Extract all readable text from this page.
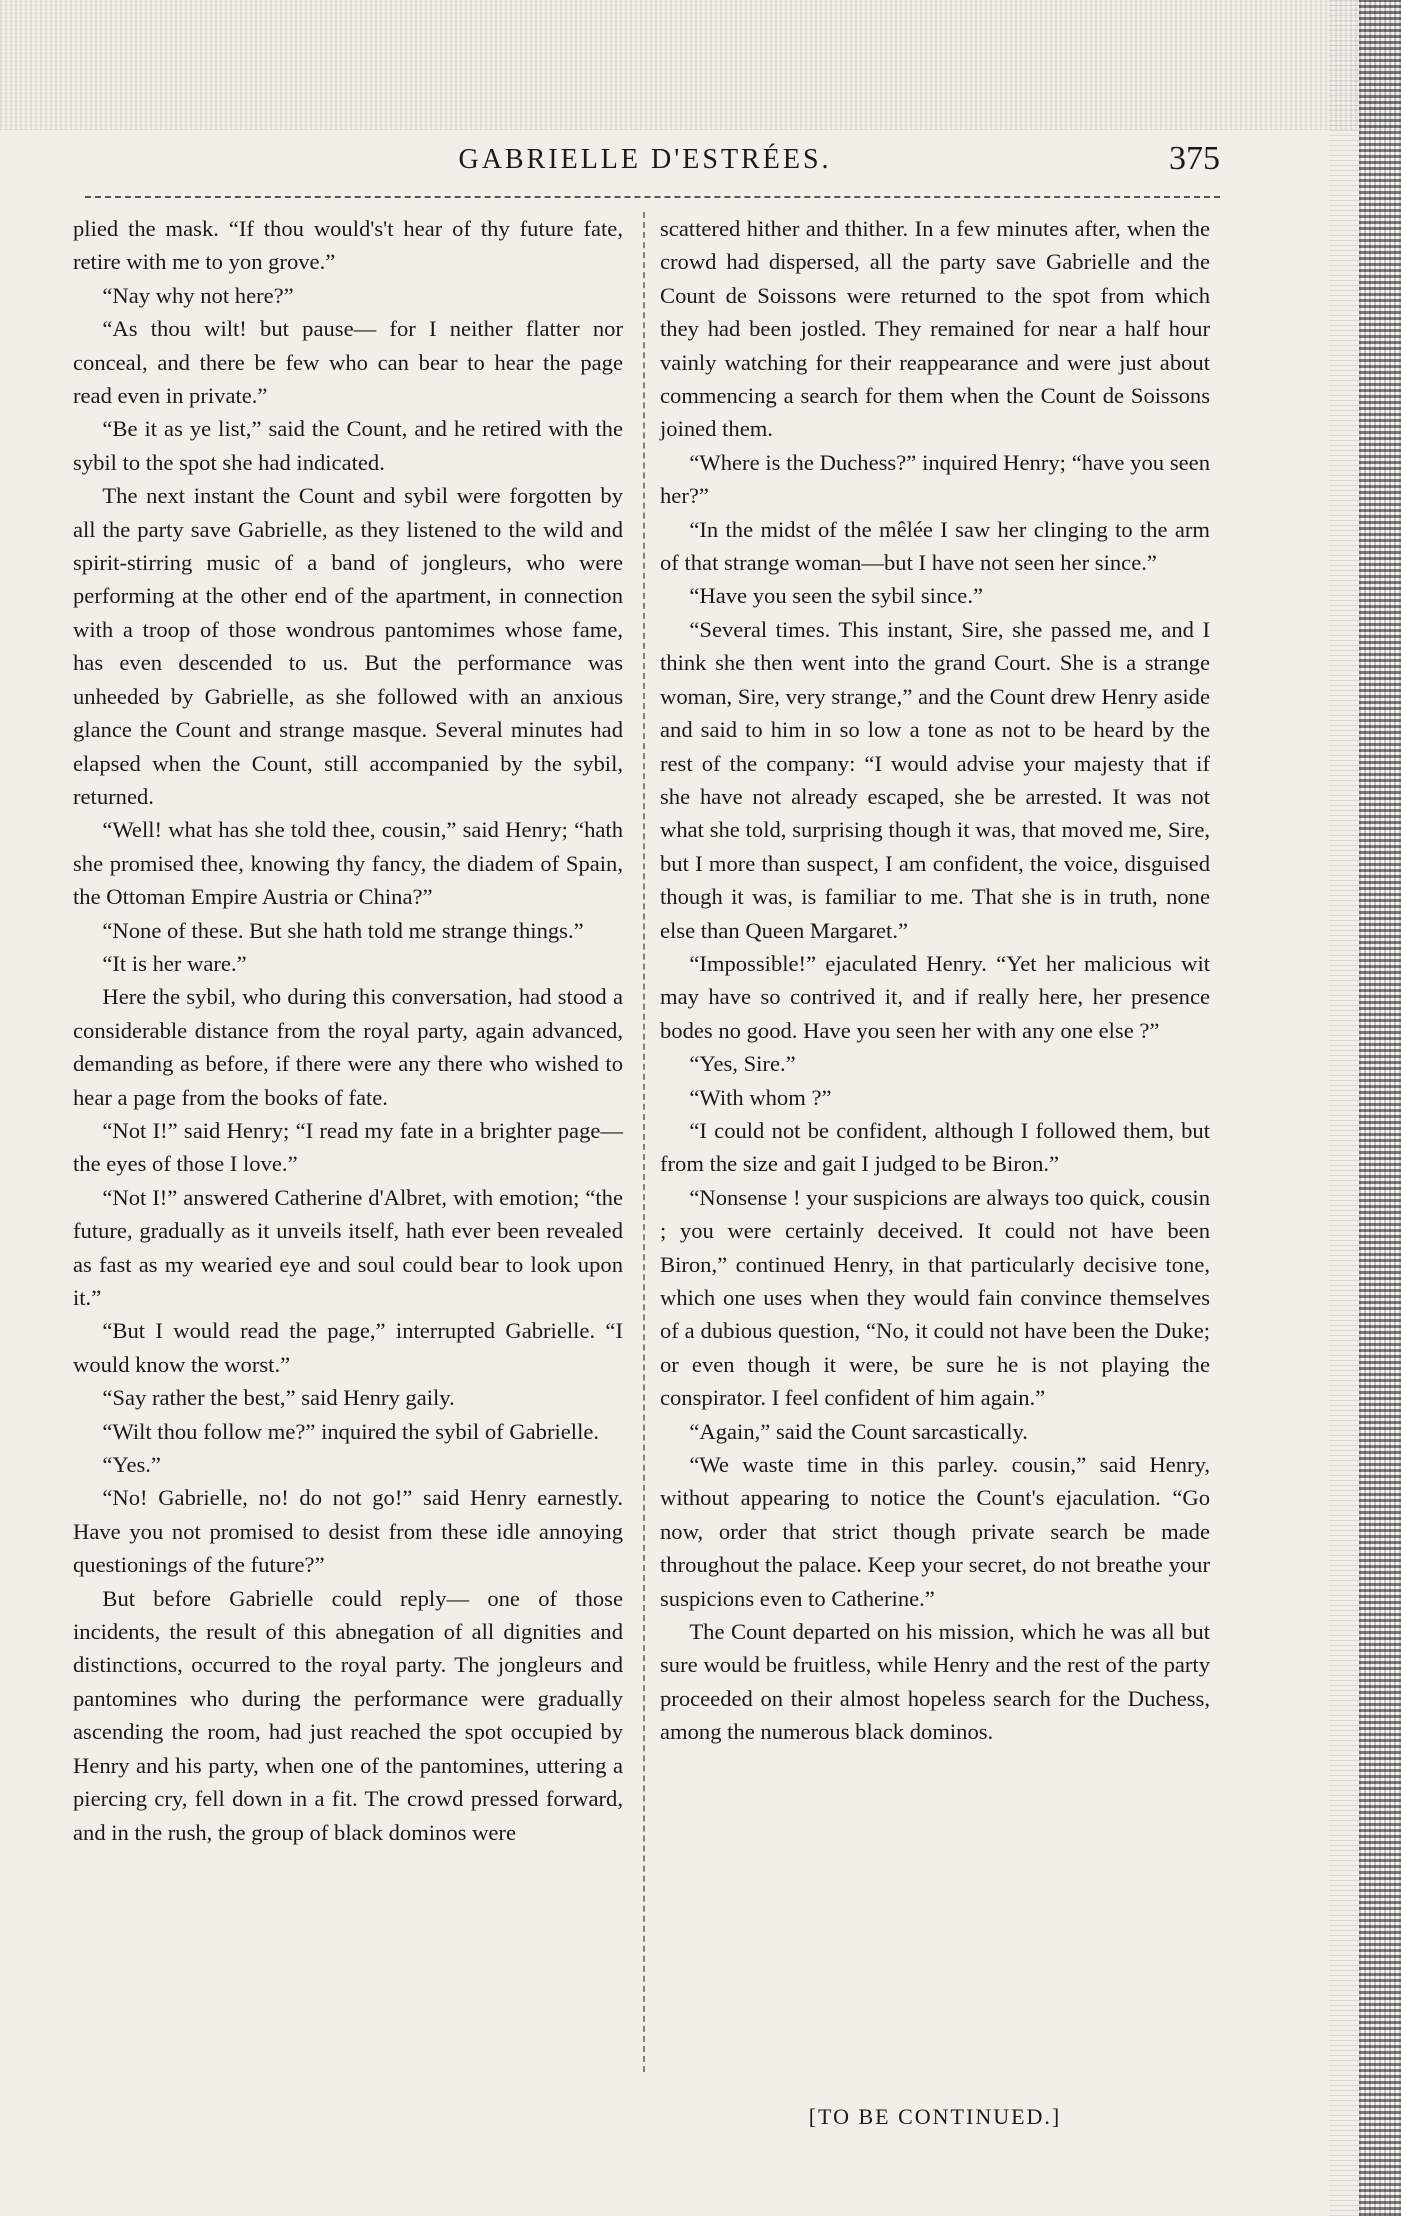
GABRIELLE D'ESTRÉES.	375

plied the mask. “If thou would's't hear of thy future fate, retire with me to yon grove.”

“Nay why not here?”

“As thou wilt! but pause— for I neither flatter nor conceal, and there be few who can bear to hear the page read even in private.”

“Be it as ye list,” said the Count, and he retired with the sybil to the spot she had indicated.

The next instant the Count and sybil were forgotten by all the party save Gabrielle, as they listened to the wild and spirit-stirring music of a band of jongleurs, who were performing at the other end of the apartment, in connection with a troop of those wondrous pantomimes whose fame, has even descended to us. But the performance was unheeded by Gabrielle, as she followed with an anxious glance the Count and strange masque. Several minutes had elapsed when the Count, still accompanied by the sybil, returned.

“Well! what has she told thee, cousin,” said Henry; “hath she promised thee, knowing thy fancy, the diadem of Spain, the Ottoman Empire Austria or China?”

“None of these. But she hath told me strange things.”

“It is her ware.”

Here the sybil, who during this conversation, had stood a considerable distance from the royal party, again advanced, demanding as before, if there were any there who wished to hear a page from the books of fate.

“Not I!” said Henry; “I read my fate in a brighter page— the eyes of those I love.”

“Not I!” answered Catherine d'Albret, with emotion; “the future, gradually as it unveils itself, hath ever been revealed as fast as my wearied eye and soul could bear to look upon it.”

“But I would read the page,” interrupted Gabrielle. “I would know the worst.”

“Say rather the best,” said Henry gaily.

“Wilt thou follow me?” inquired the sybil of Gabrielle.

“Yes.”

“No! Gabrielle, no! do not go!” said Henry earnestly. Have you not promised to desist from these idle annoying questionings of the future?”

But before Gabrielle could reply— one of those incidents, the result of this abnegation of all dignities and distinctions, occurred to the royal party. The jongleurs and pantomines who during the performance were gradually ascending the room, had just reached the spot occupied by Henry and his party, when one of the pantomines, uttering a piercing cry, fell down in a fit. The crowd pressed forward, and in the rush, the group of black dominos were

scattered hither and thither. In a few minutes after, when the crowd had dispersed, all the party save Gabrielle and the Count de Soissons were returned to the spot from which they had been jostled. They remained for near a half hour vainly watching for their reappearance and were just about commencing a search for them when the Count de Soissons joined them.

“Where is the Duchess?” inquired Henry; “have you seen her?”

“In the midst of the mêlée I saw her clinging to the arm of that strange woman—but I have not seen her since.”

“Have you seen the sybil since.”

“Several times. This instant, Sire, she passed me, and I think she then went into the grand Court. She is a strange woman, Sire, very strange,” and the Count drew Henry aside and said to him in so low a tone as not to be heard by the rest of the company: “I would advise your majesty that if she have not already escaped, she be arrested. It was not what she told, surprising though it was, that moved me, Sire, but I more than suspect, I am confident, the voice, disguised though it was, is familiar to me. That she is in truth, none else than Queen Margaret.”

“Impossible!” ejaculated Henry. “Yet her malicious wit may have so contrived it, and if really here, her presence bodes no good. Have you seen her with any one else ?”

“Yes, Sire.”

“With whom ?”

“I could not be confident, although I followed them, but from the size and gait I judged to be Biron.”

“Nonsense ! your suspicions are always too quick, cousin ; you were certainly deceived. It could not have been Biron,” continued Henry, in that particularly decisive tone, which one uses when they would fain convince themselves of a dubious question, “No, it could not have been the Duke; or even though it were, be sure he is not playing the conspirator. I feel confident of him again.”

“Again,” said the Count sarcastically.

“We waste time in this parley. cousin,” said Henry, without appearing to notice the Count's ejaculation. “Go now, order that strict though private search be made throughout the palace. Keep your secret, do not breathe your suspicions even to Catherine.”

The Count departed on his mission, which he was all but sure would be fruitless, while Henry and the rest of the party proceeded on their almost hopeless search for the Duchess, among the numerous black dominos.

[TO BE CONTINUED.]
